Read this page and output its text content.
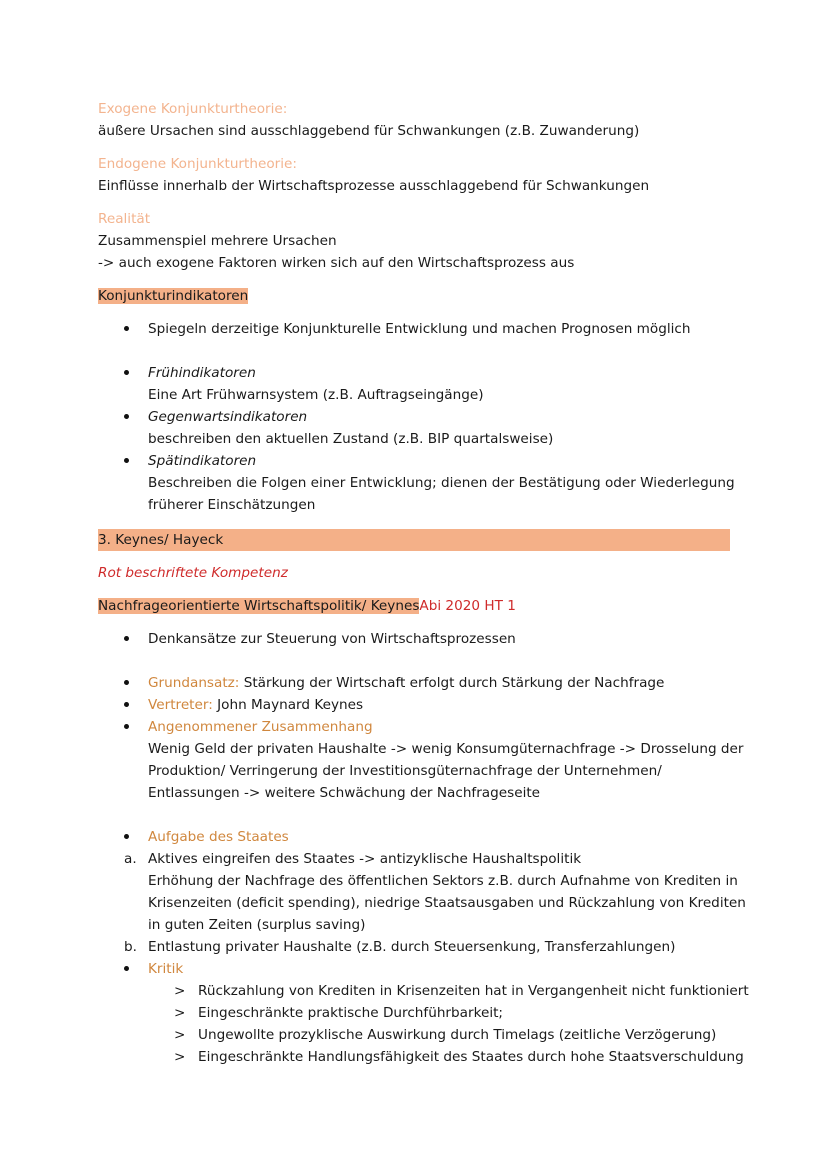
Exogene Konjunkturtheorie:
äußere Ursachen sind ausschlaggebend für Schwankungen (z.B. Zuwanderung)
Endogene Konjunkturtheorie:
Einflüsse innerhalb der Wirtschaftsprozesse ausschlaggebend für Schwankungen
Realität
Zusammenspiel mehrere Ursachen
-> auch exogene Faktoren wirken sich auf den Wirtschaftsprozess aus
Konjunkturindikatoren
Spiegeln derzeitige Konjunkturelle Entwicklung und machen Prognosen möglich
Frühindikatoren
Eine Art Frühwarnsystem (z.B. Auftragseingänge)
Gegenwartsindikatoren
beschreiben den aktuellen Zustand (z.B. BIP quartalsweise)
Spätindikatoren
Beschreiben die Folgen einer Entwicklung; dienen der Bestätigung oder Wiederlegung
früherer Einschätzungen
3. Keynes/ Hayeck
Rot beschriftete Kompetenz
Nachfrageorientierte Wirtschaftspolitik/ KeynesAbi 2020 HT 1
Denkansätze zur Steuerung von Wirtschaftsprozessen
Grundansatz: Stärkung der Wirtschaft erfolgt durch Stärkung der Nachfrage
Vertreter: John Maynard Keynes
Angenommener Zusammenhang
Wenig Geld der privaten Haushalte -> wenig Konsumgüternachfrage -> Drosselung der
Produktion/ Verringerung der Investitionsgüternachfrage der Unternehmen/
Entlassungen -> weitere Schwächung der Nachfrageseite
Aufgabe des Staates
a. Aktives eingreifen des Staates -> antizyklische Haushaltspolitik
Erhöhung der Nachfrage des öffentlichen Sektors z.B. durch Aufnahme von Krediten in
Krisenzeiten (deficit spending), niedrige Staatsausgaben und Rückzahlung von Krediten
in guten Zeiten (surplus saving)
b. Entlastung privater Haushalte (z.B. durch Steuersenkung, Transferzahlungen)
Kritik
> Rückzahlung von Krediten in Krisenzeiten hat in Vergangenheit nicht funktioniert
> Eingeschränkte praktische Durchführbarkeit;
> Ungewollte prozyklische Auswirkung durch Timelags (zeitliche Verzögerung)
> Eingeschränkte Handlungsfähigkeit des Staates durch hohe Staatsverschuldung
